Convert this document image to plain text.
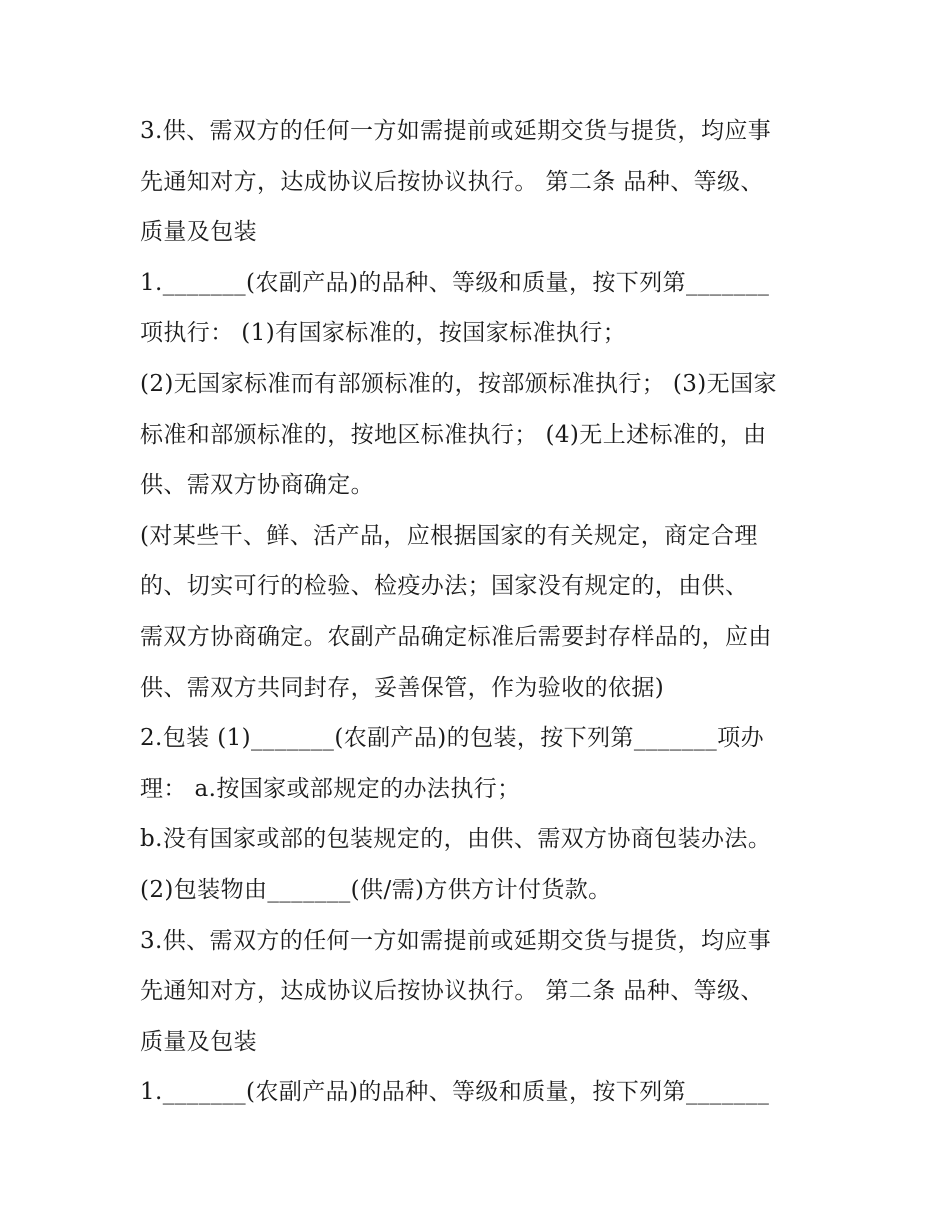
3.供、需双方的任何一方如需提前或延期交货与提货，均应事
先通知对方，达成协议后按协议执行。 第二条 品种、等级、
质量及包装
1._______(农副产品)的品种、等级和质量，按下列第_______
项执行： (1)有国家标准的，按国家标准执行；
(2)无国家标准而有部颁标准的，按部颁标准执行； (3)无国家
标准和部颁标准的，按地区标准执行； (4)无上述标准的，由
供、需双方协商确定。
(对某些干、鲜、活产品，应根据国家的有关规定，商定合理
的、切实可行的检验、检疫办法；国家没有规定的，由供、
需双方协商确定。农副产品确定标准后需要封存样品的，应由
供、需双方共同封存，妥善保管，作为验收的依据)
2.包装 (1)_______(农副产品)的包装，按下列第_______项办
理： a.按国家或部规定的办法执行；
b.没有国家或部的包装规定的，由供、需双方协商包装办法。
(2)包装物由_______(供/需)方供方计付货款。
3.供、需双方的任何一方如需提前或延期交货与提货，均应事
先通知对方，达成协议后按协议执行。 第二条 品种、等级、
质量及包装
1._______(农副产品)的品种、等级和质量，按下列第_______
